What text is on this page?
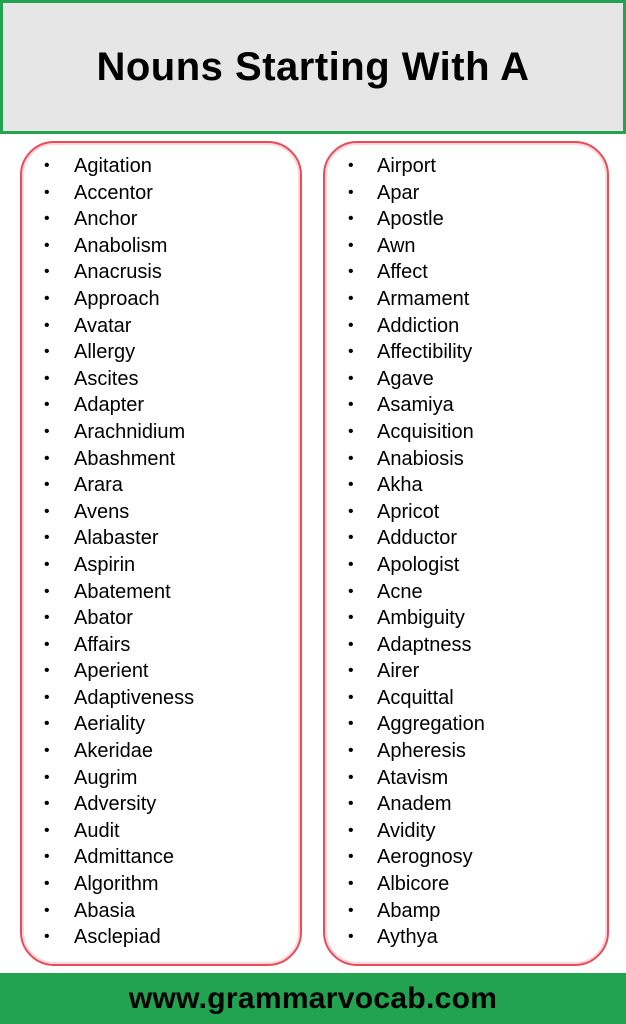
Nouns Starting With A
• Agitation
• Accentor
• Anchor
• Anabolism
• Anacrusis
• Approach
• Avatar
• Allergy
• Ascites
• Adapter
• Arachnidium
• Abashment
• Arara
• Avens
• Alabaster
• Aspirin
• Abatement
• Abator
• Affairs
• Aperient
• Adaptiveness
• Aeriality
• Akeridae
• Augrim
• Adversity
• Audit
• Admittance
• Algorithm
• Abasia
• Asclepiad
• Airport
• Apar
• Apostle
• Awn
• Affect
• Armament
• Addiction
• Affectibility
• Agave
• Asamiya
• Acquisition
• Anabiosis
• Akha
• Apricot
• Adductor
• Apologist
• Acne
• Ambiguity
• Adaptness
• Airer
• Acquittal
• Aggregation
• Apheresis
• Atavism
• Anadem
• Avidity
• Aerognosy
• Albicore
• Abamp
• Aythya
www.grammarvocab.com
